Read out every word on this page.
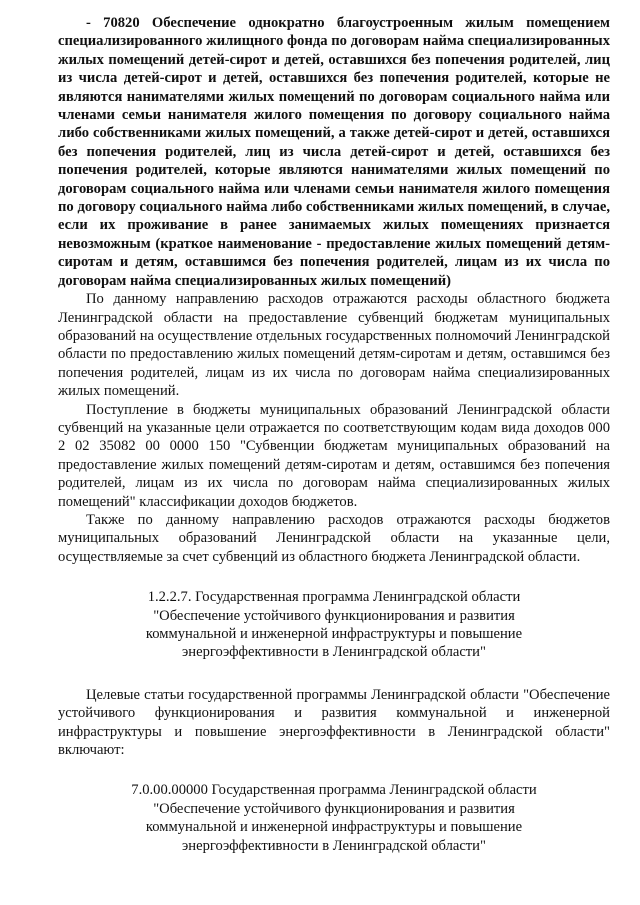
- 70820 Обеспечение однократно благоустроенным жилым помещением специализированного жилищного фонда по договорам найма специализированных жилых помещений детей-сирот и детей, оставшихся без попечения родителей, лиц из числа детей-сирот и детей, оставшихся без попечения родителей, которые не являются нанимателями жилых помещений по договорам социального найма или членами семьи нанимателя жилого помещения по договору социального найма либо собственниками жилых помещений, а также детей-сирот и детей, оставшихся без попечения родителей, лиц из числа детей-сирот и детей, оставшихся без попечения родителей, которые являются нанимателями жилых помещений по договорам социального найма или членами семьи нанимателя жилого помещения по договору социального найма либо собственниками жилых помещений, в случае, если их проживание в ранее занимаемых жилых помещениях признается невозможным (краткое наименование - предоставление жилых помещений детям-сиротам и детям, оставшимся без попечения родителей, лицам из их числа по договорам найма специализированных жилых помещений)

По данному направлению расходов отражаются расходы областного бюджета Ленинградской области на предоставление субвенций бюджетам муниципальных образований на осуществление отдельных государственных полномочий Ленинградской области по предоставлению жилых помещений детям-сиротам и детям, оставшимся без попечения родителей, лицам из их числа по договорам найма специализированных жилых помещений.

Поступление в бюджеты муниципальных образований Ленинградской области субвенций на указанные цели отражается по соответствующим кодам вида доходов 000 2 02 35082 00 0000 150 "Субвенции бюджетам муниципальных образований на предоставление жилых помещений детям-сиротам и детям, оставшимся без попечения родителей, лицам из их числа по договорам найма специализированных жилых помещений" классификации доходов бюджетов.

Также по данному направлению расходов отражаются расходы бюджетов муниципальных образований Ленинградской области на указанные цели, осуществляемые за счет субвенций из областного бюджета Ленинградской области.

1.2.2.7. Государственная программа Ленинградской области
"Обеспечение устойчивого функционирования и развития
коммунальной и инженерной инфраструктуры и повышение
энергоэффективности в Ленинградской области"

Целевые статьи государственной программы Ленинградской области "Обеспечение устойчивого функционирования и развития коммунальной и инженерной инфраструктуры и повышение энергоэффективности в Ленинградской области" включают:

7.0.00.00000 Государственная программа Ленинградской области
"Обеспечение устойчивого функционирования и развития
коммунальной и инженерной инфраструктуры и повышение
энергоэффективности в Ленинградской области"
